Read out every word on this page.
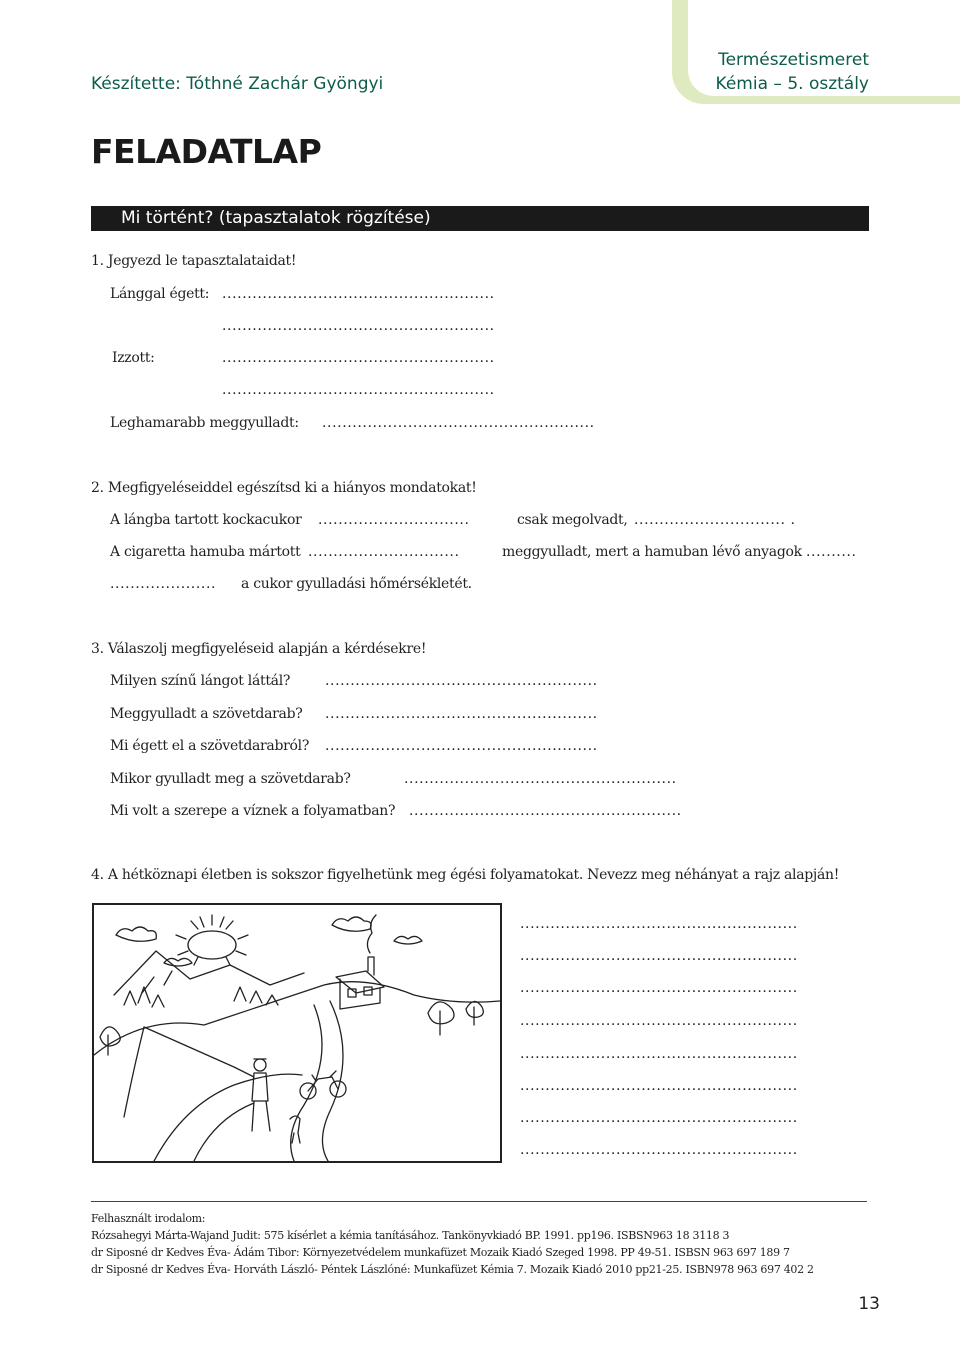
Készítette: Tóthné Zachár Gyöngyi
Természetismeret
Kémia – 5. osztály
FELADATLAP
Mi történt? (tapasztalatok rögzítése)
1. Jegyezd le tapasztalataidat!
Lánggal égett: ......................................................
......................................................
Izzott:	......................................................
......................................................
Leghamarabb meggyulladt: ......................................................
2. Megfigyeléseiddel egészítsd ki a hiányos mondatokat!
A lángba tartott kockacukor ..............................	csak megolvadt, .............................. .
A cigaretta hamuba mártott ..............................	meggyulladt, mert a hamuban lévő anyagok ..........
..................... a cukor gyulladási hőmérsékletét.
3. Válaszolj megfigyeléseid alapján a kérdésekre!
Milyen színű lángot láttál? ......................................................
Meggyulladt a szövetdarab? ......................................................
Mi égett el a szövetdarabról? ......................................................
Mikor gyulladt meg a szövetdarab?	......................................................
Mi volt a szerepe a víznek a folyamatban? ......................................................
4. A hétköznapi életben is sokszor figyelhetünk meg égési folyamatokat. Nevezz meg néhányat a rajz alapján!
.......................................................
.......................................................
.......................................................
.......................................................
.......................................................
.......................................................
.......................................................
.......................................................
Felhasznált irodalom:
Rózsahegyi Márta-Wajand Judit: 575 kísérlet a kémia tanításához. Tankönyvkiadó BP. 1991. pp196. ISBSN963 18 3118 3
dr Siposné dr Kedves Éva- Ádám Tibor: Környezetvédelem munkafüzet Mozaik Kiadó Szeged 1998. PP 49-51. ISBSN 963 697 189 7
dr Siposné dr Kedves Éva- Horváth László- Péntek Lászlóné: Munkafüzet Kémia 7. Mozaik Kiadó 2010 pp21-25. ISBN978 963 697 402 2
13
